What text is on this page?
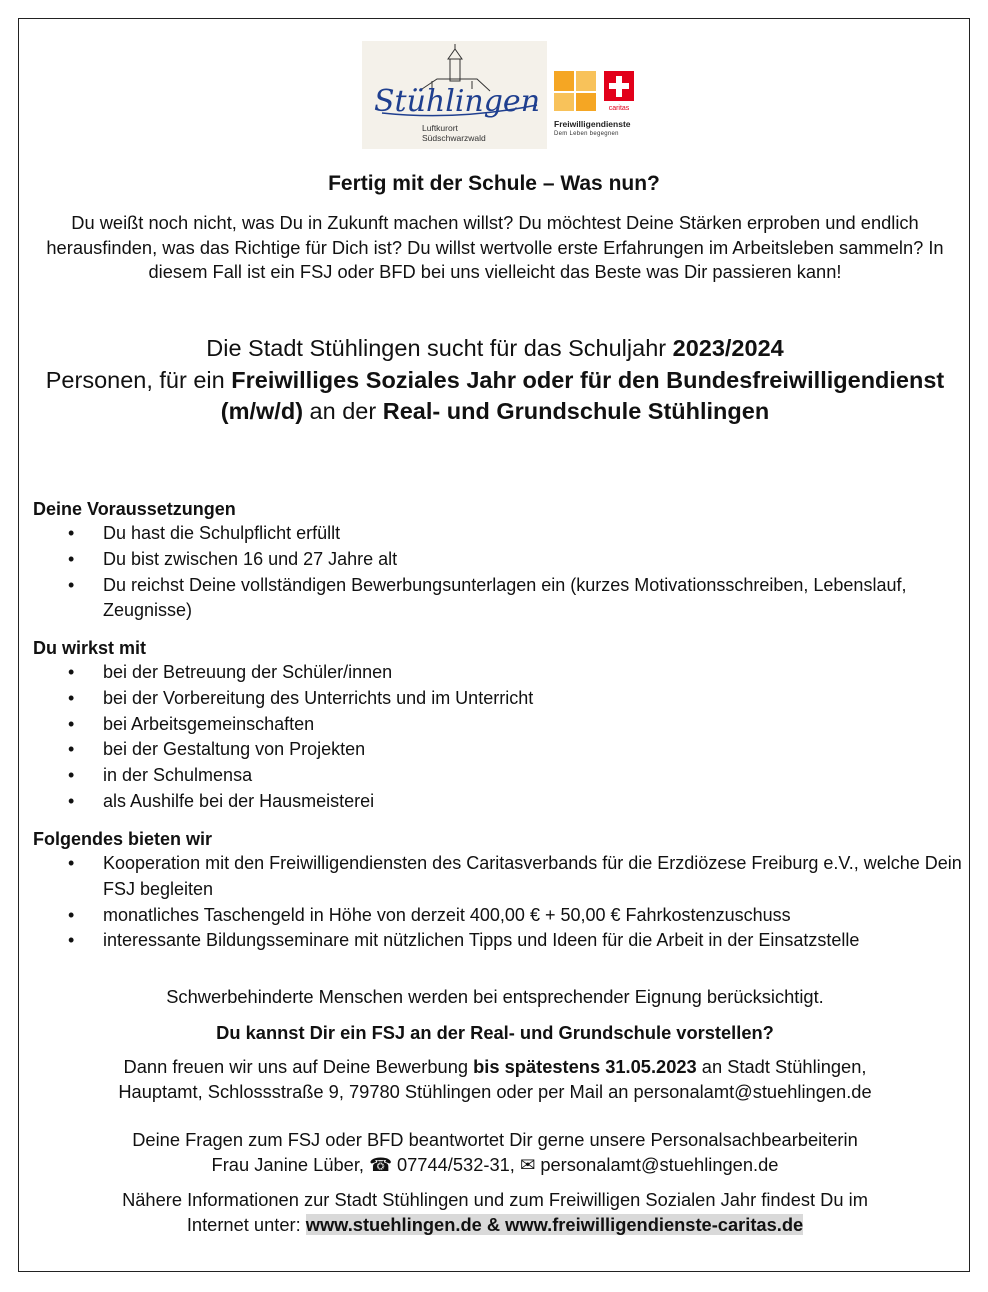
Stühlingen
Luftkurort
Südschwarzwald
caritas
Freiwilligendienste
Dem Leben begegnen
Fertig mit der Schule – Was nun?
Du weißt noch nicht, was Du in Zukunft machen willst? Du möchtest Deine Stärken erproben und endlich herausfinden, was das Richtige für Dich ist? Du willst wertvolle erste Erfahrungen im Arbeitsleben sammeln? In diesem Fall ist ein FSJ oder BFD bei uns vielleicht das Beste was Dir passieren kann!
Die Stadt Stühlingen sucht für das Schuljahr 2023/2024
Personen, für ein Freiwilliges Soziales Jahr oder für den Bundesfreiwilligendienst (m/w/d) an der Real- und Grundschule Stühlingen
Deine Voraussetzungen
• Du hast die Schulpflicht erfüllt
• Du bist zwischen 16 und 27 Jahre alt
• Du reichst Deine vollständigen Bewerbungsunterlagen ein (kurzes Motivationsschreiben, Lebenslauf, Zeugnisse)
Du wirkst mit
• bei der Betreuung der Schüler/innen
• bei der Vorbereitung des Unterrichts und im Unterricht
• bei Arbeitsgemeinschaften
• bei der Gestaltung von Projekten
• in der Schulmensa
• als Aushilfe bei der Hausmeisterei
Folgendes bieten wir
• Kooperation mit den Freiwilligendiensten des Caritasverbands für die Erzdiözese Freiburg e.V., welche Dein FSJ begleiten
• monatliches Taschengeld in Höhe von derzeit 400,00 € + 50,00 € Fahrkostenzuschuss
• interessante Bildungsseminare mit nützlichen Tipps und Ideen für die Arbeit in der Einsatzstelle
Schwerbehinderte Menschen werden bei entsprechender Eignung berücksichtigt.
Du kannst Dir ein FSJ an der Real- und Grundschule vorstellen?
Dann freuen wir uns auf Deine Bewerbung bis spätestens 31.05.2023 an Stadt Stühlingen,
Hauptamt, Schlossstraße 9, 79780 Stühlingen oder per Mail an personalamt@stuehlingen.de
Deine Fragen zum FSJ oder BFD beantwortet Dir gerne unsere Personalsachbearbeiterin
Frau Janine Lüber, ☎ 07744/532-31, ✉ personalamt@stuehlingen.de
Nähere Informationen zur Stadt Stühlingen und zum Freiwilligen Sozialen Jahr findest Du im
Internet unter: www.stuehlingen.de & www.freiwilligendienste-caritas.de
